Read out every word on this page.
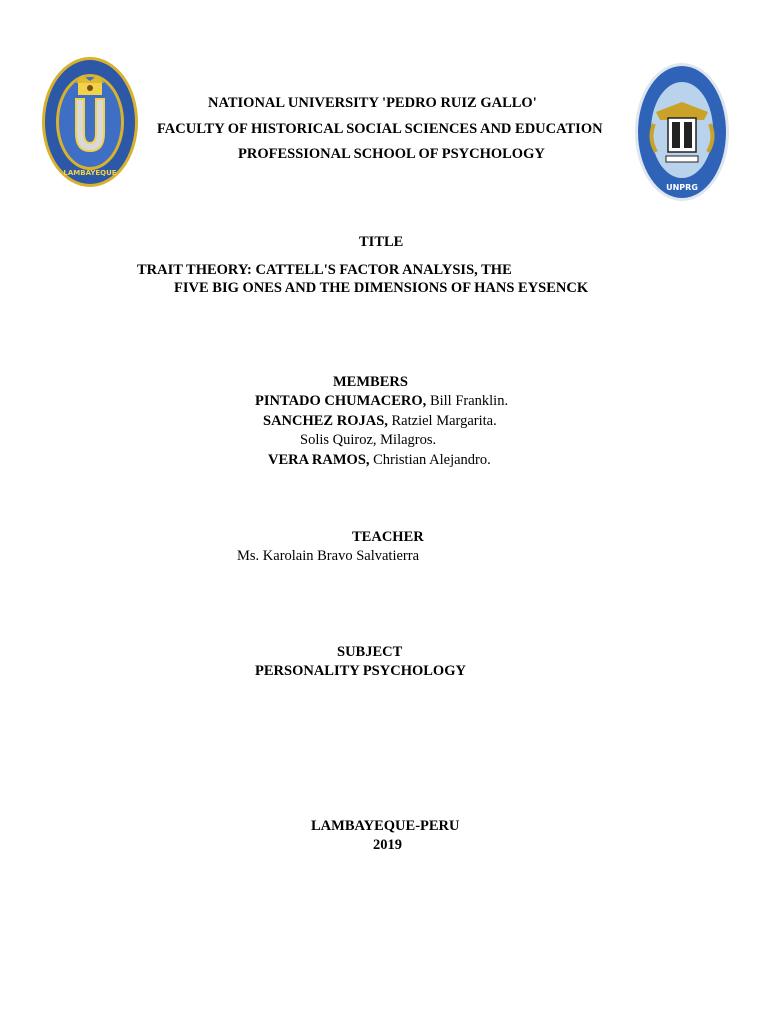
LAMBAYEQUE
UNPRG
NATIONAL UNIVERSITY 'PEDRO RUIZ GALLO'
FACULTY OF HISTORICAL SOCIAL SCIENCES AND EDUCATION
PROFESSIONAL SCHOOL OF PSYCHOLOGY
TITLE
TRAIT THEORY: CATTELL'S FACTOR ANALYSIS, THE
FIVE BIG ONES AND THE DIMENSIONS OF HANS EYSENCK
MEMBERS
PINTADO CHUMACERO, Bill Franklin.
SANCHEZ ROJAS, Ratziel Margarita.
Solis Quiroz, Milagros.
VERA RAMOS, Christian Alejandro.
TEACHER
Ms. Karolain Bravo Salvatierra
SUBJECT
PERSONALITY PSYCHOLOGY
LAMBAYEQUE-PERU
2019
